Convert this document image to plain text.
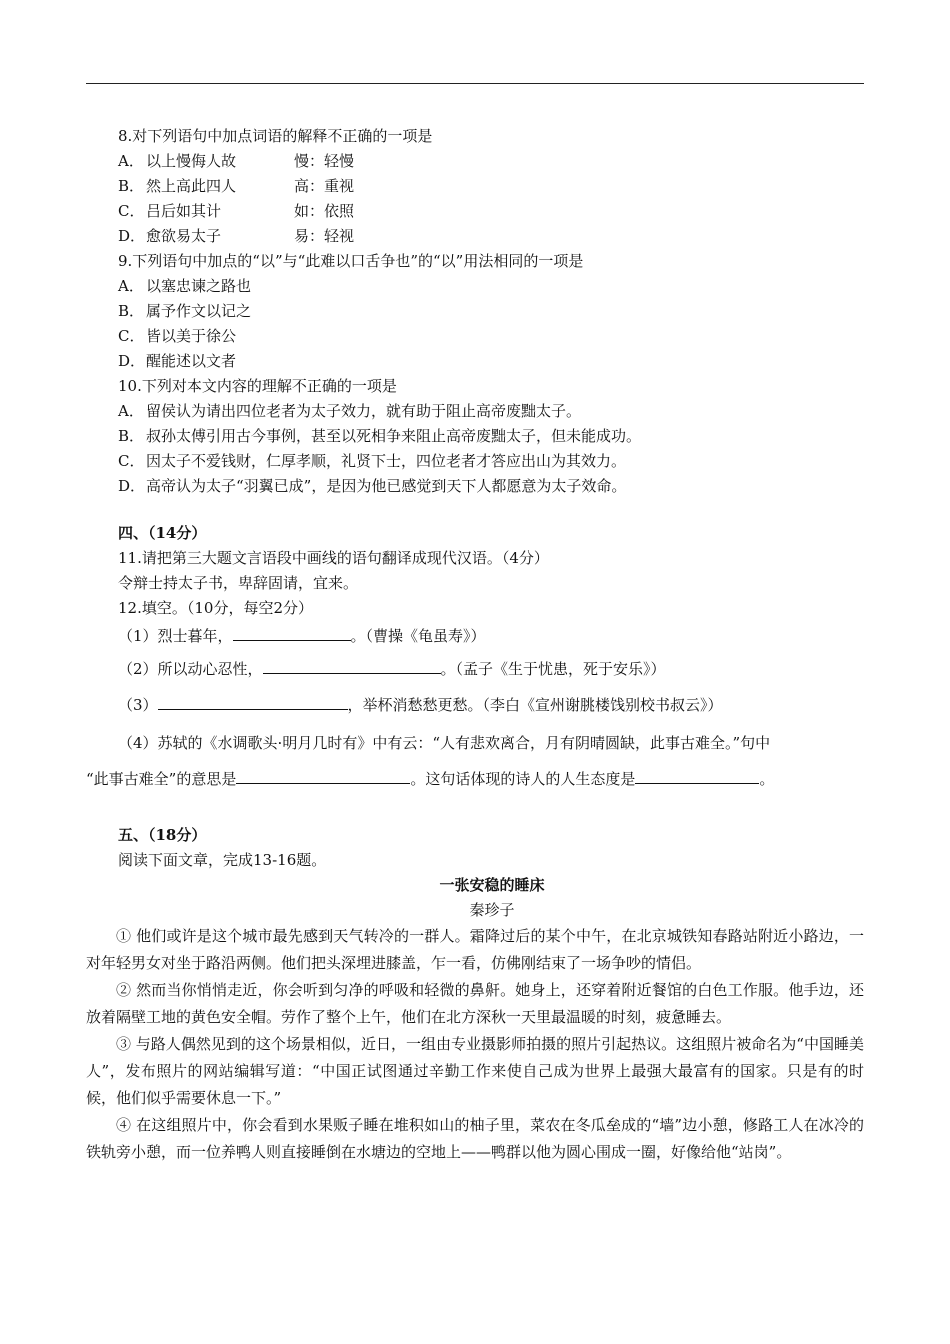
8.对下列语句中加点词语的解释不正确的一项是
A． 以上慢侮人故	慢：轻慢
B． 然上高此四人	高：重视
C． 吕后如其计	如：依照
D． 愈欲易太子	易：轻视
9.下列语句中加点的“以”与“此难以口舌争也”的“以”用法相同的一项是
A． 以塞忠谏之路也
B． 属予作文以记之
C． 皆以美于徐公
D． 醒能述以文者
10.下列对本文内容的理解不正确的一项是
A． 留侯认为请出四位老者为太子效力，就有助于阻止高帝废黜太子。
B． 叔孙太傅引用古今事例，甚至以死相争来阻止高帝废黜太子，但未能成功。
C． 因太子不爱钱财，仁厚孝顺，礼贤下士，四位老者才答应出山为其效力。
D． 高帝认为太子“羽翼已成”，是因为他已感觉到天下人都愿意为太子效命。
四、（14分）
11.请把第三大题文言语段中画线的语句翻译成现代汉语。（4分）
令辩士持太子书，卑辞固请，宜来。
12.填空。（10分，每空2分）
（1）烈士暮年，	。（曹操《龟虽寿》）
（2）所以动心忍性，	。（孟子《生于忧患，死于安乐》）
（3）	，举杯消愁愁更愁。（李白《宣州谢朓楼饯别校书叔云》）
（4）苏轼的《水调歌头·明月几时有》中有云：“人有悲欢离合，月有阴晴圆缺，此事古难全。”句中
“此事古难全”的意思是	。这句话体现的诗人的人生态度是	。
五、（18分）
阅读下面文章，完成13-16题。
一张安稳的睡床
秦珍子
① 他们或许是这个城市最先感到天气转冷的一群人。霜降过后的某个中午，在北京城铁知春路站附近小路边，一对年轻男女对坐于路沿两侧。他们把头深埋进膝盖，乍一看，仿佛刚结束了一场争吵的情侣。
② 然而当你悄悄走近，你会听到匀净的呼吸和轻微的鼻鼾。她身上，还穿着附近餐馆的白色工作服。他手边，还放着隔壁工地的黄色安全帽。劳作了整个上午，他们在北方深秋一天里最温暖的时刻，疲惫睡去。
③ 与路人偶然见到的这个场景相似，近日，一组由专业摄影师拍摄的照片引起热议。这组照片被命名为“中国睡美人”，发布照片的网站编辑写道：“中国正试图通过辛勤工作来使自己成为世界上最强大最富有的国家。只是有的时候，他们似乎需要休息一下。”
④ 在这组照片中，你会看到水果贩子睡在堆积如山的柚子里，菜农在冬瓜垒成的“墙”边小憩，修路工人在冰冷的铁轨旁小憩，而一位养鸭人则直接睡倒在水塘边的空地上——鸭群以他为圆心围成一圈，好像给他“站岗”。
